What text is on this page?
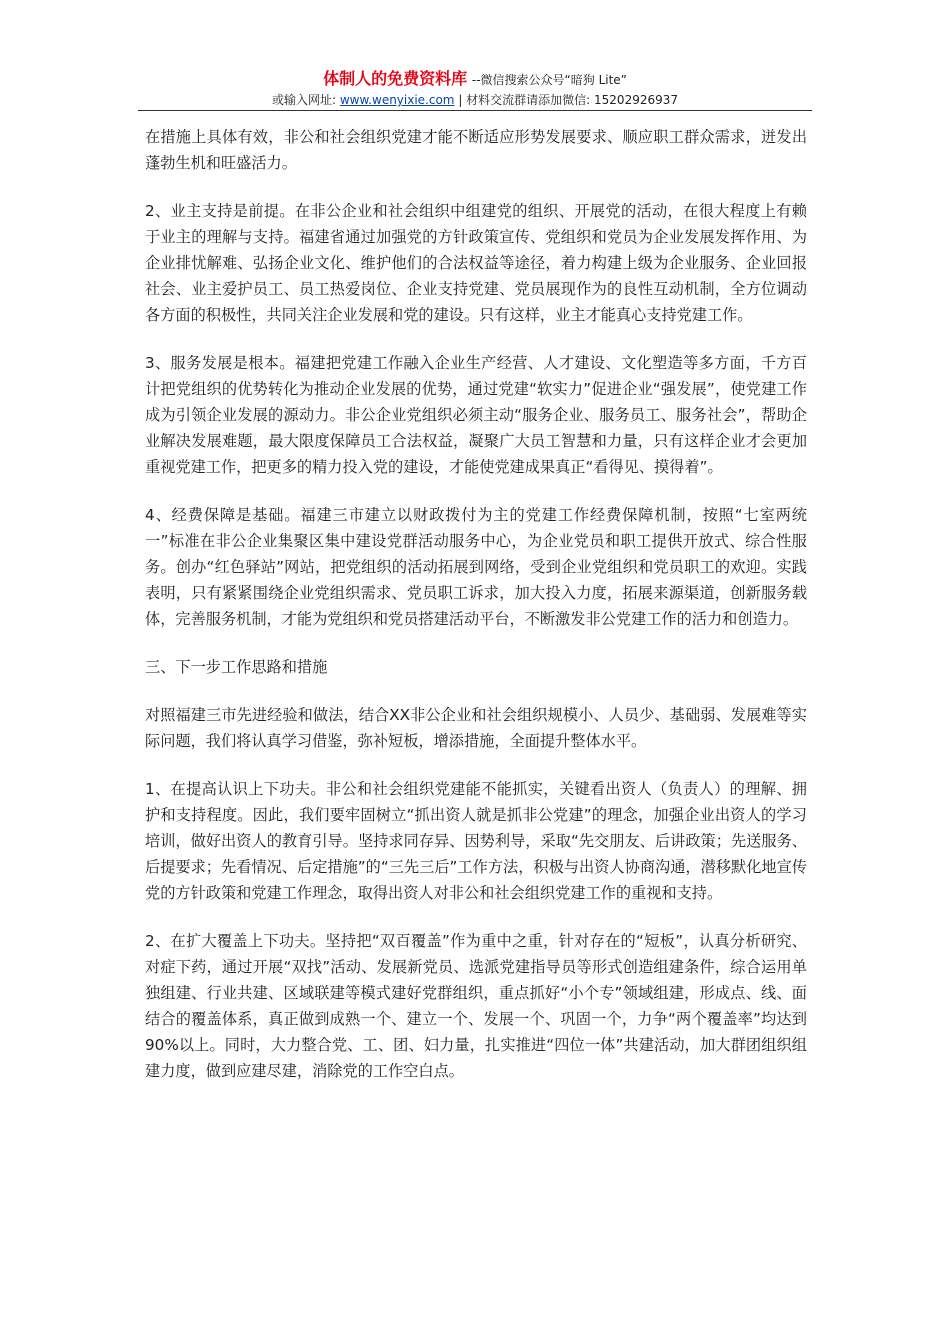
体制人的免费资料库 --微信搜索公众号“暗狗 Lite”
或输入网址: www.wenyixie.com | 材料交流群请添加微信: 15202926937

在措施上具体有效，非公和社会组织党建才能不断适应形势发展要求、顺应职工群众需求，迸发出蓬勃生机和旺盛活力。

2、业主支持是前提。在非公企业和社会组织中组建党的组织、开展党的活动，在很大程度上有赖于业主的理解与支持。福建省通过加强党的方针政策宣传、党组织和党员为企业发展发挥作用、为企业排忧解难、弘扬企业文化、维护他们的合法权益等途径，着力构建上级为企业服务、企业回报社会、业主爱护员工、员工热爱岗位、企业支持党建、党员展现作为的良性互动机制，全方位调动各方面的积极性，共同关注企业发展和党的建设。只有这样，业主才能真心支持党建工作。

3、服务发展是根本。福建把党建工作融入企业生产经营、人才建设、文化塑造等多方面，千方百计把党组织的优势转化为推动企业发展的优势，通过党建“软实力”促进企业“强发展”，使党建工作成为引领企业发展的源动力。非公企业党组织必须主动“服务企业、服务员工、服务社会”，帮助企业解决发展难题，最大限度保障员工合法权益，凝聚广大员工智慧和力量，只有这样企业才会更加重视党建工作，把更多的精力投入党的建设，才能使党建成果真正“看得见、摸得着”。

4、经费保障是基础。福建三市建立以财政拨付为主的党建工作经费保障机制，按照“七室两统一”标准在非公企业集聚区集中建设党群活动服务中心，为企业党员和职工提供开放式、综合性服务。创办“红色驿站”网站，把党组织的活动拓展到网络，受到企业党组织和党员职工的欢迎。实践表明，只有紧紧围绕企业党组织需求、党员职工诉求，加大投入力度，拓展来源渠道，创新服务载体，完善服务机制，才能为党组织和党员搭建活动平台，不断激发非公党建工作的活力和创造力。

三、下一步工作思路和措施

对照福建三市先进经验和做法，结合XX非公企业和社会组织规模小、人员少、基础弱、发展难等实际问题，我们将认真学习借鉴，弥补短板，增添措施，全面提升整体水平。

1、在提高认识上下功夫。非公和社会组织党建能不能抓实，关键看出资人（负责人）的理解、拥护和支持程度。因此，我们要牢固树立“抓出资人就是抓非公党建”的理念，加强企业出资人的学习培训，做好出资人的教育引导。坚持求同存异、因势利导，采取“先交朋友、后讲政策；先送服务、后提要求；先看情况、后定措施”的“三先三后”工作方法，积极与出资人协商沟通，潜移默化地宣传党的方针政策和党建工作理念，取得出资人对非公和社会组织党建工作的重视和支持。

2、在扩大覆盖上下功夫。坚持把“双百覆盖”作为重中之重，针对存在的“短板”，认真分析研究、对症下药，通过开展“双找”活动、发展新党员、选派党建指导员等形式创造组建条件，综合运用单独组建、行业共建、区域联建等模式建好党群组织，重点抓好“小个专”领域组建，形成点、线、面结合的覆盖体系，真正做到成熟一个、建立一个、发展一个、巩固一个，力争“两个覆盖率”均达到90%以上。同时，大力整合党、工、团、妇力量，扎实推进“四位一体”共建活动，加大群团组织组建力度，做到应建尽建，消除党的工作空白点。
